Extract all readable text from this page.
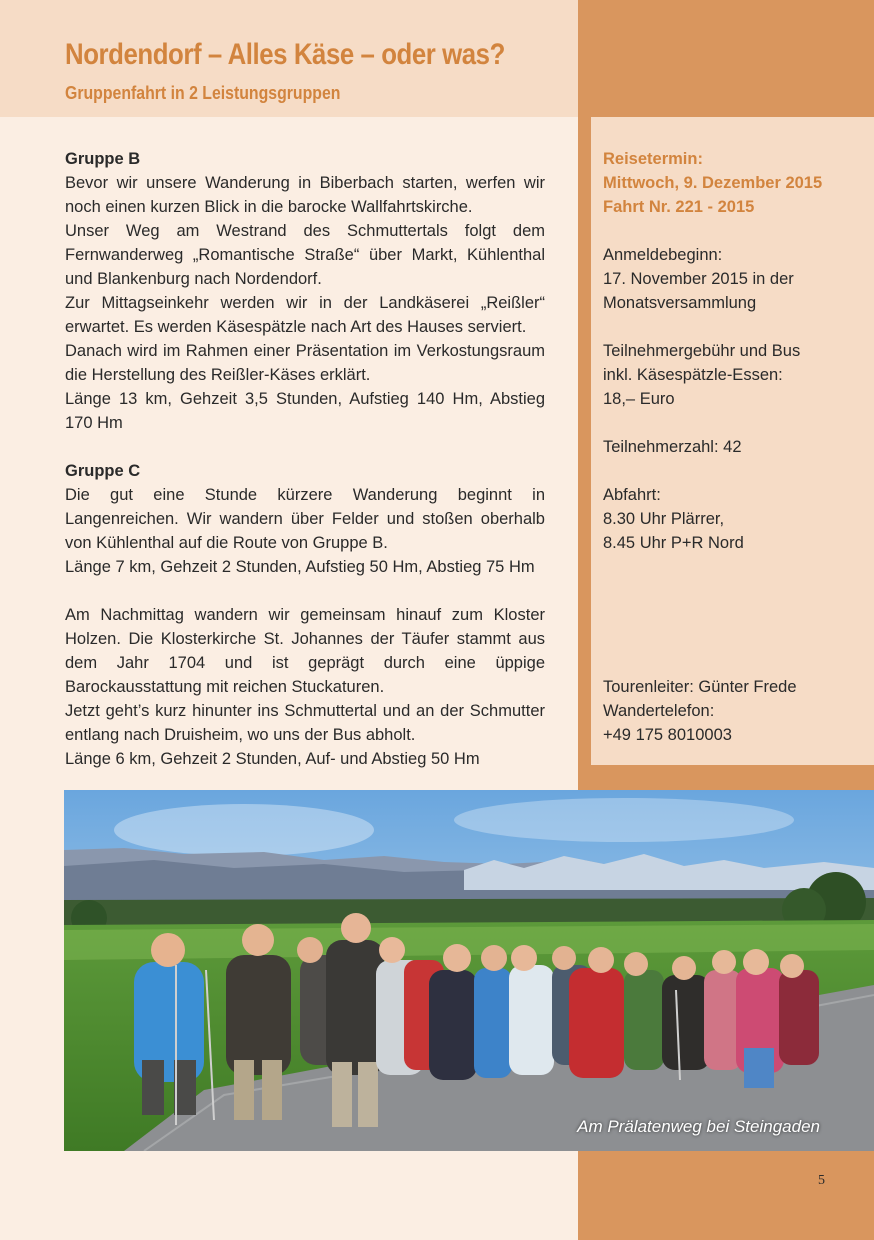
Nordendorf – Alles Käse – oder was?
Gruppenfahrt in 2 Leistungsgruppen
Gruppe B

Bevor wir unsere Wanderung in Biberbach starten, werfen wir noch einen kurzen Blick in die barocke Wallfahrtskirche.

Unser Weg am Westrand des Schmuttertals folgt dem Fernwanderweg „Romantische Straße“ über Markt, Kühlenthal und Blankenburg nach Nordendorf.

Zur Mittagseinkehr werden wir in der Landkäserei „Reißler“ erwartet. Es werden Käsespätzle nach Art des Hauses serviert.

Danach wird im Rahmen einer Präsentation im Verkostungsraum die Herstellung des Reißler-Käses erklärt.

Länge 13 km, Gehzeit 3,5 Stunden, Aufstieg 140 Hm, Abstieg 170 Hm

Gruppe C

Die gut eine Stunde kürzere Wanderung beginnt in Langenreichen. Wir wandern über Felder und stoßen oberhalb von Kühlenthal auf die Route von Gruppe B.

Länge 7 km, Gehzeit 2 Stunden, Aufstieg 50 Hm, Abstieg 75 Hm

Am Nachmittag wandern wir gemeinsam hinauf zum Kloster Holzen. Die Klosterkirche St. Johannes der Täufer stammt aus dem Jahr 1704 und ist geprägt durch eine üppige Barockausstattung mit reichen Stuckaturen.

Jetzt geht’s kurz hinunter ins Schmuttertal und an der Schmutter entlang nach Druisheim, wo uns der Bus abholt.

Länge 6 km, Gehzeit 2 Stunden, Auf- und Abstieg 50 Hm

Reisetermin:

Mittwoch, 9. Dezember 2015

Fahrt Nr. 221 - 2015

Anmeldebeginn:

17. November 2015 in der

Monatsversammlung

Teilnehmergebühr und Bus

inkl. Käsespätzle-Essen:

18,– Euro

Teilnehmerzahl: 42

Abfahrt:

8.30 Uhr Plärrer,

8.45 Uhr P+R Nord

Tourenleiter: Günter Frede

Wandertelefon:

+49 175 8010003

Am Prälatenweg bei Steingaden
5
